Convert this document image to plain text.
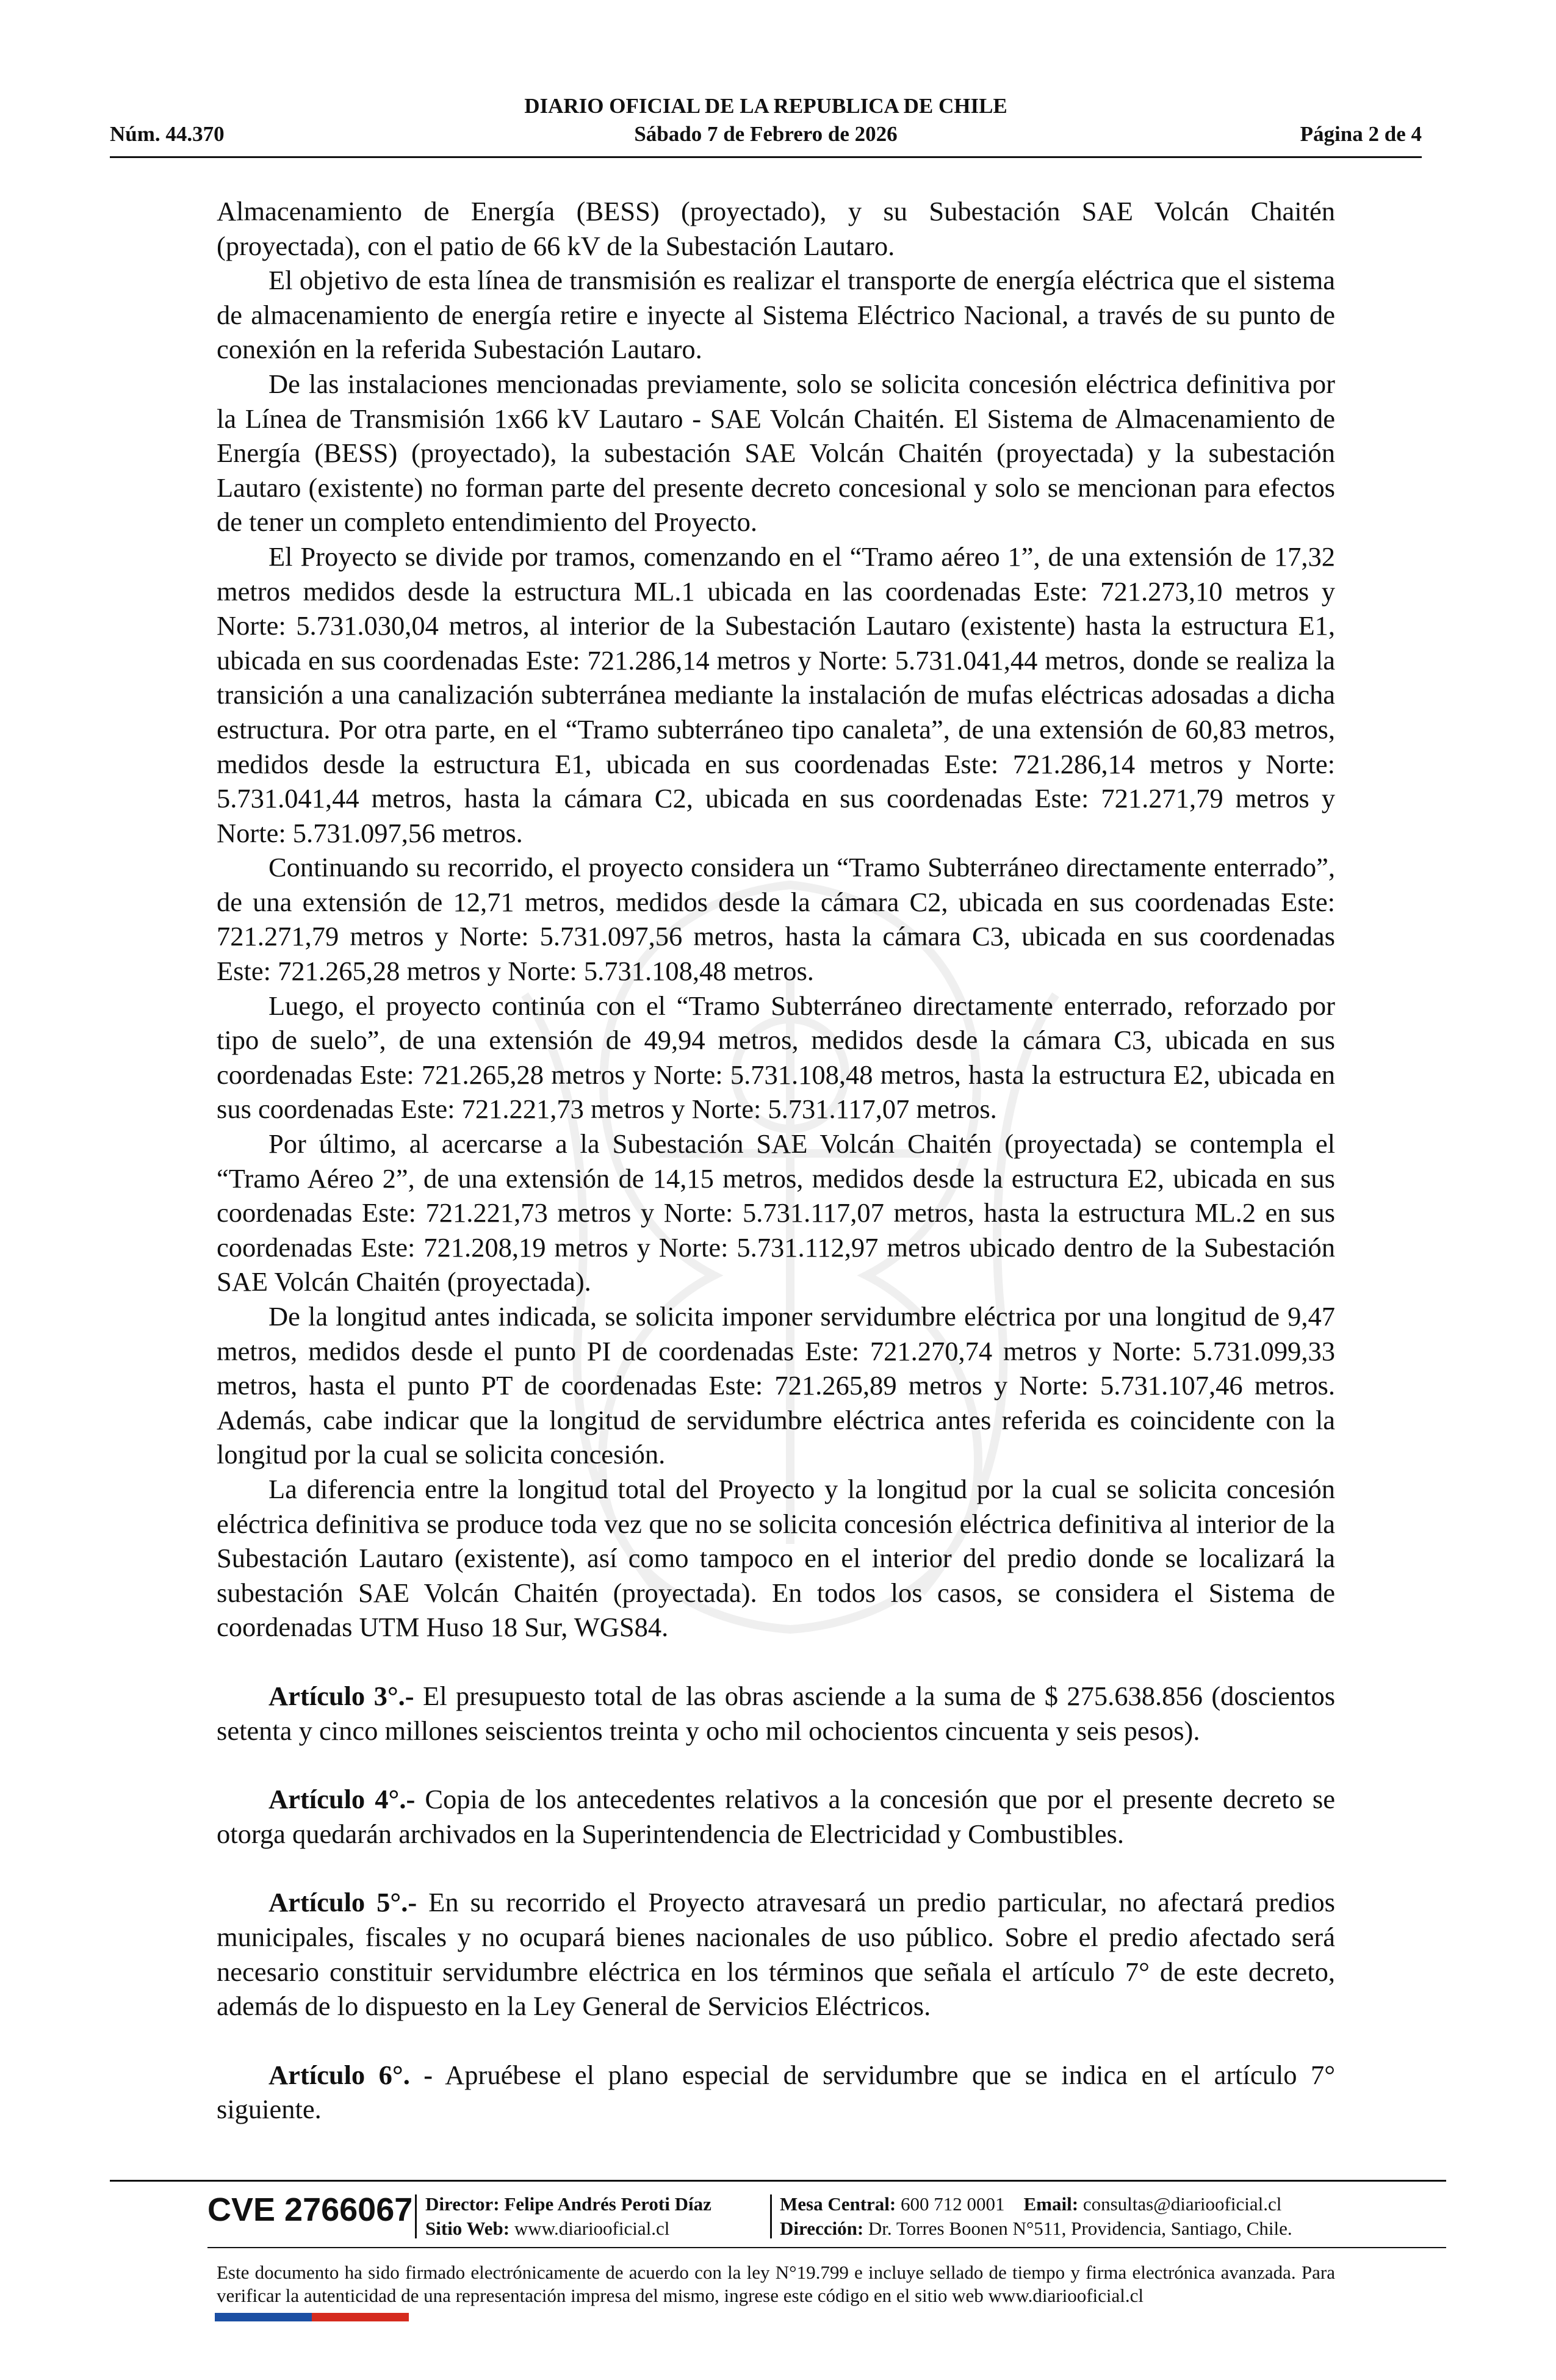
DIARIO OFICIAL DE LA REPUBLICA DE CHILE
Núm. 44.370	Sábado 7 de Febrero de 2026	Página 2 de 4

Almacenamiento de Energía (BESS) (proyectado), y su Subestación SAE Volcán Chaitén (proyectada), con el patio de 66 kV de la Subestación Lautaro.

El objetivo de esta línea de transmisión es realizar el transporte de energía eléctrica que el sistema de almacenamiento de energía retire e inyecte al Sistema Eléctrico Nacional, a través de su punto de conexión en la referida Subestación Lautaro.

De las instalaciones mencionadas previamente, solo se solicita concesión eléctrica definitiva por la Línea de Transmisión 1x66 kV Lautaro - SAE Volcán Chaitén. El Sistema de Almacenamiento de Energía (BESS) (proyectado), la subestación SAE Volcán Chaitén (proyectada) y la subestación Lautaro (existente) no forman parte del presente decreto concesional y solo se mencionan para efectos de tener un completo entendimiento del Proyecto.

El Proyecto se divide por tramos, comenzando en el “Tramo aéreo 1”, de una extensión de 17,32 metros medidos desde la estructura ML.1 ubicada en las coordenadas Este: 721.273,10 metros y Norte: 5.731.030,04 metros, al interior de la Subestación Lautaro (existente) hasta la estructura E1, ubicada en sus coordenadas Este: 721.286,14 metros y Norte: 5.731.041,44 metros, donde se realiza la transición a una canalización subterránea mediante la instalación de mufas eléctricas adosadas a dicha estructura. Por otra parte, en el “Tramo subterráneo tipo canaleta”, de una extensión de 60,83 metros, medidos desde la estructura E1, ubicada en sus coordenadas Este: 721.286,14 metros y Norte: 5.731.041,44 metros, hasta la cámara C2, ubicada en sus coordenadas Este: 721.271,79 metros y Norte: 5.731.097,56 metros.

Continuando su recorrido, el proyecto considera un “Tramo Subterráneo directamente enterrado”, de una extensión de 12,71 metros, medidos desde la cámara C2, ubicada en sus coordenadas Este: 721.271,79 metros y Norte: 5.731.097,56 metros, hasta la cámara C3, ubicada en sus coordenadas Este: 721.265,28 metros y Norte: 5.731.108,48 metros.

Luego, el proyecto continúa con el “Tramo Subterráneo directamente enterrado, reforzado por tipo de suelo”, de una extensión de 49,94 metros, medidos desde la cámara C3, ubicada en sus coordenadas Este: 721.265,28 metros y Norte: 5.731.108,48 metros, hasta la estructura E2, ubicada en sus coordenadas Este: 721.221,73 metros y Norte: 5.731.117,07 metros.

Por último, al acercarse a la Subestación SAE Volcán Chaitén (proyectada) se contempla el “Tramo Aéreo 2”, de una extensión de 14,15 metros, medidos desde la estructura E2, ubicada en sus coordenadas Este: 721.221,73 metros y Norte: 5.731.117,07 metros, hasta la estructura ML.2 en sus coordenadas Este: 721.208,19 metros y Norte: 5.731.112,97 metros ubicado dentro de la Subestación SAE Volcán Chaitén (proyectada).

De la longitud antes indicada, se solicita imponer servidumbre eléctrica por una longitud de 9,47 metros, medidos desde el punto PI de coordenadas Este: 721.270,74 metros y Norte: 5.731.099,33 metros, hasta el punto PT de coordenadas Este: 721.265,89 metros y Norte: 5.731.107,46 metros. Además, cabe indicar que la longitud de servidumbre eléctrica antes referida es coincidente con la longitud por la cual se solicita concesión.

La diferencia entre la longitud total del Proyecto y la longitud por la cual se solicita concesión eléctrica definitiva se produce toda vez que no se solicita concesión eléctrica definitiva al interior de la Subestación Lautaro (existente), así como tampoco en el interior del predio donde se localizará la subestación SAE Volcán Chaitén (proyectada). En todos los casos, se considera el Sistema de coordenadas UTM Huso 18 Sur, WGS84.

Artículo 3°.- El presupuesto total de las obras asciende a la suma de $ 275.638.856 (doscientos setenta y cinco millones seiscientos treinta y ocho mil ochocientos cincuenta y seis pesos).

Artículo 4°.- Copia de los antecedentes relativos a la concesión que por el presente decreto se otorga quedarán archivados en la Superintendencia de Electricidad y Combustibles.

Artículo 5°.- En su recorrido el Proyecto atravesará un predio particular, no afectará predios municipales, fiscales y no ocupará bienes nacionales de uso público. Sobre el predio afectado será necesario constituir servidumbre eléctrica en los términos que señala el artículo 7° de este decreto, además de lo dispuesto en la Ley General de Servicios Eléctricos.

Artículo 6°. - Apruébese el plano especial de servidumbre que se indica en el artículo 7° siguiente.

CVE 2766067 Director: Felipe Andrés Peroti Díaz
Sitio Web: www.diariooficial.cl
Mesa Central: 600 712 0001 Email: consultas@diariooficial.cl
Dirección: Dr. Torres Boonen N°511, Providencia, Santiago, Chile.
Este documento ha sido firmado electrónicamente de acuerdo con la ley N°19.799 e incluye sellado de tiempo y firma electrónica avanzada. Para verificar la autenticidad de una representación impresa del mismo, ingrese este código en el sitio web www.diariooficial.cl
